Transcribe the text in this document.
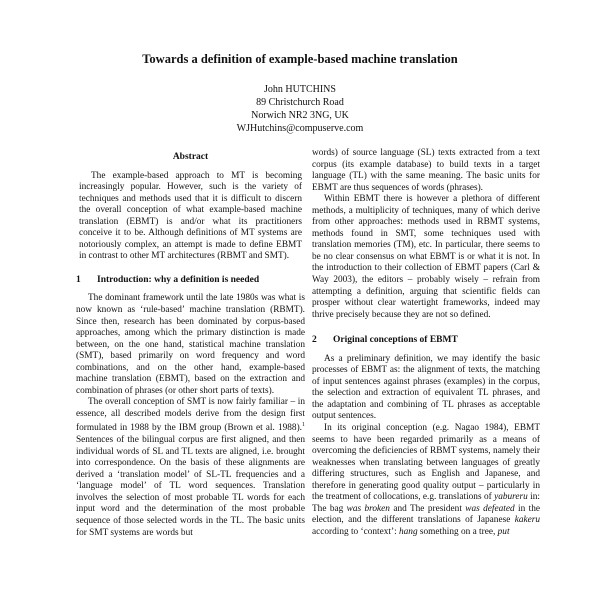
Towards a definition of example-based machine translation
John HUTCHINS
89 Christchurch Road
Norwich NR2 3NG, UK
WJHutchins@compuserve.com
Abstract

The example-based approach to MT is becoming increasingly popular. However, such is the variety of techniques and methods used that it is difficult to discern the overall conception of what example-based machine translation (EBMT) is and/or what its practitioners conceive it to be. Although definitions of MT systems are notoriously complex, an attempt is made to define EBMT in contrast to other MT architectures (RBMT and SMT).

1	Introduction: why a definition is needed

The dominant framework until the late 1980s was what is now known as ‘rule-based’ machine translation (RBMT). Since then, research has been dominated by corpus-based approaches, among which the primary distinction is made between, on the one hand, statistical machine translation (SMT), based primarily on word frequency and word combinations, and on the other hand, example-based machine translation (EBMT), based on the extraction and combination of phrases (or other short parts of texts).

The overall conception of SMT is now fairly familiar – in essence, all described models derive from the design first formulated in 1988 by the IBM group (Brown et al. 1988).$^1$ Sentences of the bilingual corpus are first aligned, and then individual words of SL and TL texts are aligned, i.e. brought into correspondence. On the basis of these alignments are derived a ‘translation model’ of SL-TL frequencies and a ‘language model’ of TL word sequences. Translation involves the selection of most probable TL words for each input word and the determination of the most probable sequence of those selected words in the TL. The basic units for SMT systems are words but

words) of source language (SL) texts extracted from a text corpus (its example database) to build texts in a target language (TL) with the same meaning. The basic units for EBMT are thus sequences of words (phrases).

Within EBMT there is however a plethora of different methods, a multiplicity of techniques, many of which derive from other approaches: methods used in RBMT systems, methods found in SMT, some techniques used with translation memories (TM), etc. In particular, there seems to be no clear consensus on what EBMT is or what it is not. In the introduction to their collection of EBMT papers (Carl & Way 2003), the editors – probably wisely – refrain from attempting a definition, arguing that scientific fields can prosper without clear watertight frameworks, indeed may thrive precisely because they are not so defined.

2	Original conceptions of EBMT

As a preliminary definition, we may identify the basic processes of EBMT as: the alignment of texts, the matching of input sentences against phrases (examples) in the corpus, the selection and extraction of equivalent TL phrases, and the adaptation and combining of TL phrases as acceptable output sentences.

In its original conception (e.g. Nagao 1984), EBMT seems to have been regarded primarily as a means of overcoming the deficiencies of RBMT systems, namely their weaknesses when translating between languages of greatly differing structures, such as English and Japanese, and therefore in generating good quality output – particularly in the treatment of collocations, e.g. translations of yabureru in: The bag was broken and The president was defeated in the election, and the different translations of Japanese kakeru according to ‘context’: hang something on a tree, put
